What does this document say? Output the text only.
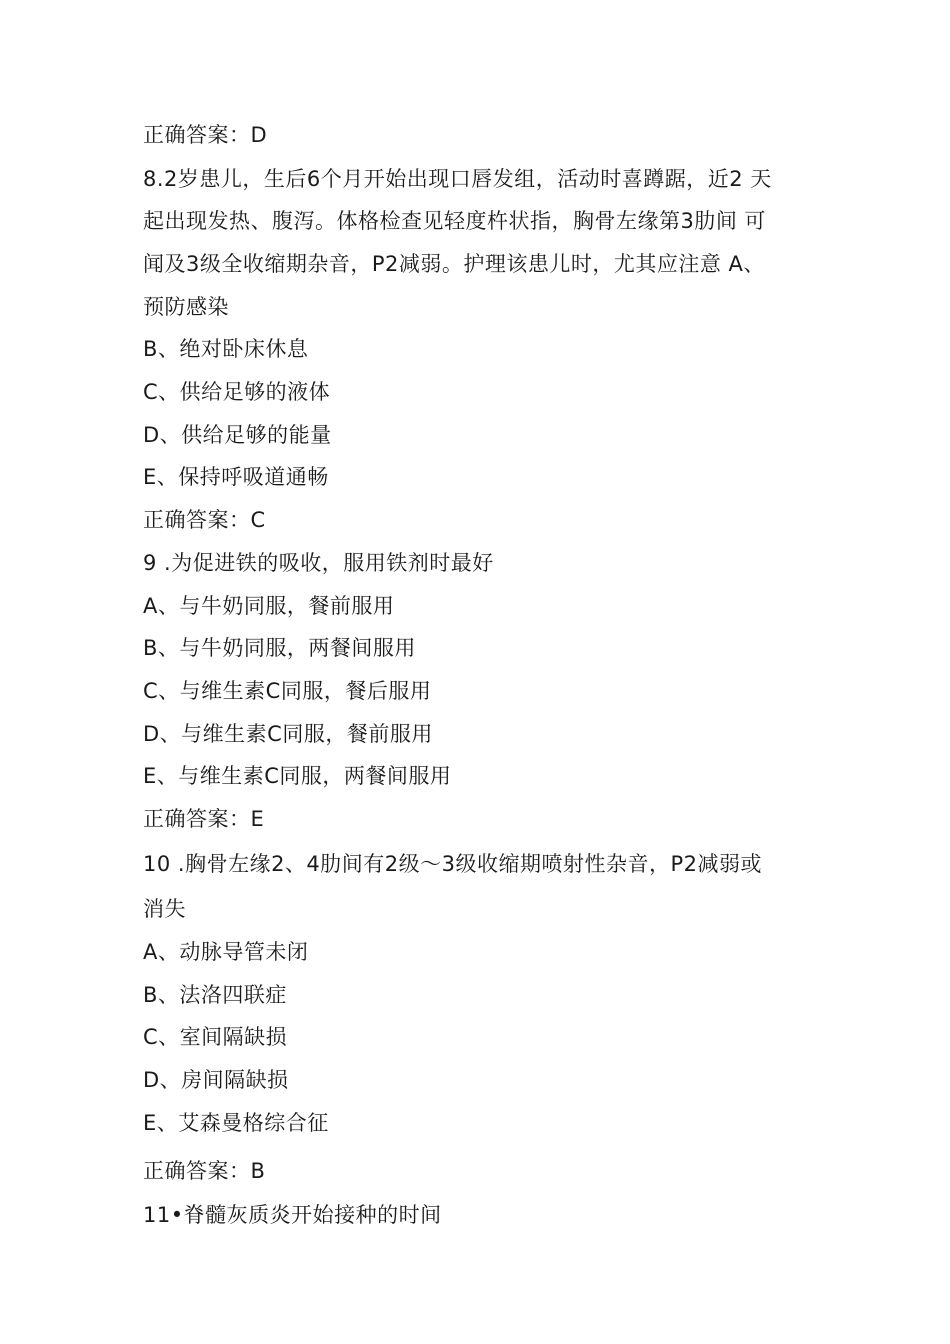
正确答案：D
8.2岁患儿，生后6个月开始出现口唇发组，活动时喜蹲踞，近2 天
起出现发热、腹泻。体格检查见轻度杵状指，胸骨左缘第3肋间 可
闻及3级全收缩期杂音，P2减弱。护理该患儿时，尤其应注意 A、
预防感染
B、绝对卧床休息
C、供给足够的液体
D、供给足够的能量
E、保持呼吸道通畅
正确答案：C
9 .为促进铁的吸收，服用铁剂时最好
A、与牛奶同服，餐前服用
B、与牛奶同服，两餐间服用
C、与维生素C同服，餐后服用
D、与维生素C同服，餐前服用
E、与维生素C同服，两餐间服用
正确答案：E
10 .胸骨左缘2、4肋间有2级〜3级收缩期喷射性杂音，P2减弱或
消失
A、动脉导管未闭
B、法洛四联症
C、室间隔缺损
D、房间隔缺损
E、艾森曼格综合征
正确答案：B
11•脊髓灰质炎开始接种的时间
